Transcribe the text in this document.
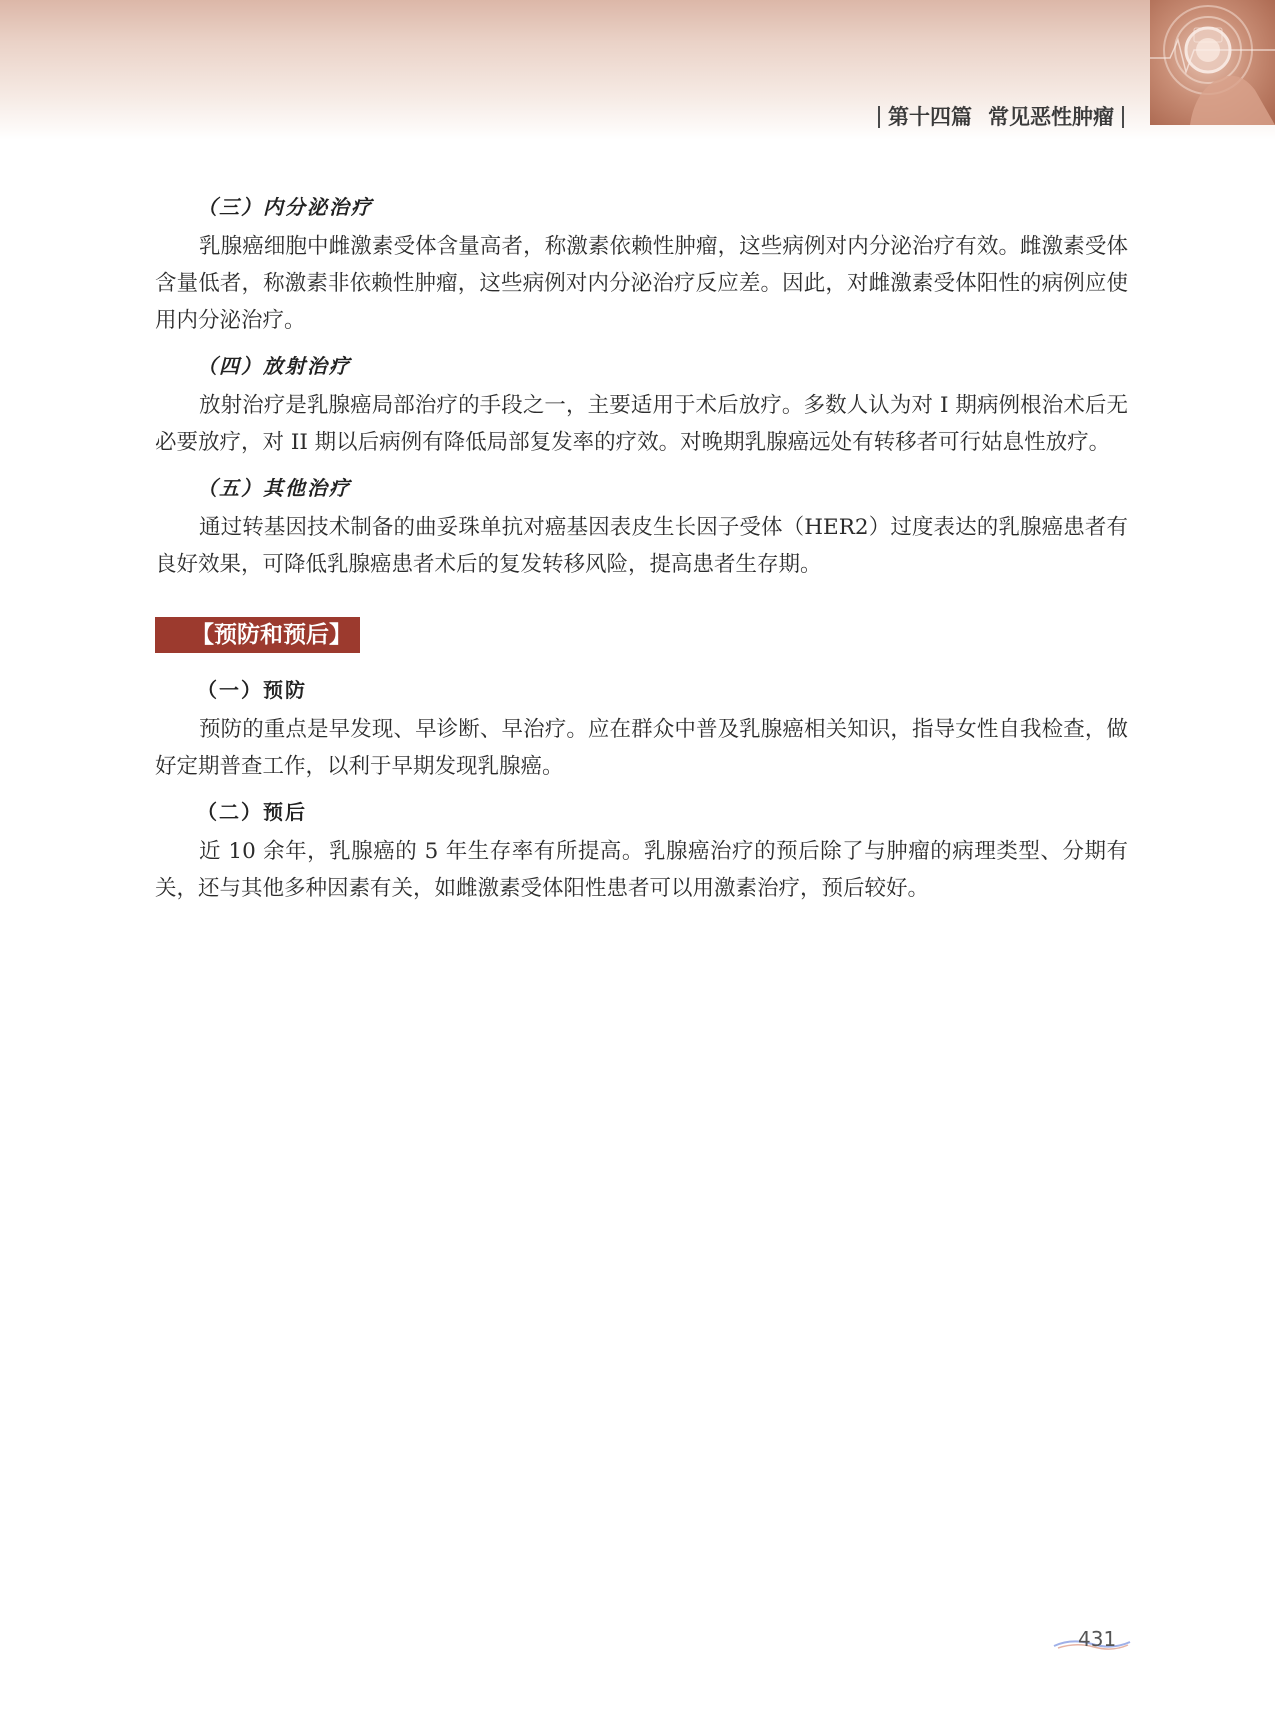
第十四篇 常见恶性肿瘤
（三）内分泌治疗
乳腺癌细胞中雌激素受体含量高者，称激素依赖性肿瘤，这些病例对内分泌治疗有效。雌激素受体含量低者，称激素非依赖性肿瘤，这些病例对内分泌治疗反应差。因此，对雌激素受体阳性的病例应使用内分泌治疗。
（四）放射治疗
放射治疗是乳腺癌局部治疗的手段之一，主要适用于术后放疗。多数人认为对 I 期病例根治术后无必要放疗，对 II 期以后病例有降低局部复发率的疗效。对晚期乳腺癌远处有转移者可行姑息性放疗。
（五）其他治疗
通过转基因技术制备的曲妥珠单抗对癌基因表皮生长因子受体（HER2）过度表达的乳腺癌患者有良好效果，可降低乳腺癌患者术后的复发转移风险，提高患者生存期。
【预防和预后】
（一）预防
预防的重点是早发现、早诊断、早治疗。应在群众中普及乳腺癌相关知识，指导女性自我检查，做好定期普查工作，以利于早期发现乳腺癌。
（二）预后
近 10 余年，乳腺癌的 5 年生存率有所提高。乳腺癌治疗的预后除了与肿瘤的病理类型、分期有关，还与其他多种因素有关，如雌激素受体阳性患者可以用激素治疗，预后较好。
431
